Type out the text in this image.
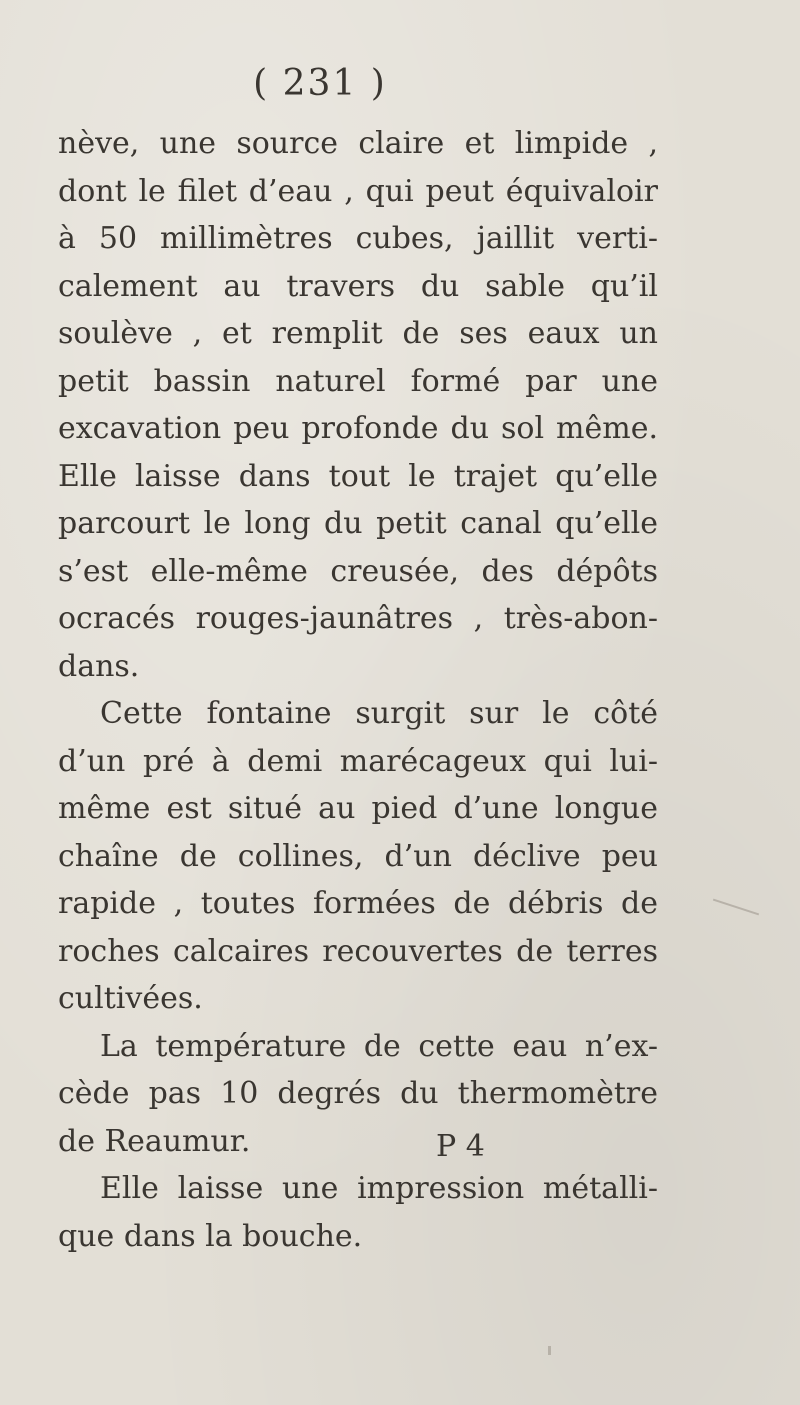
( 231 )
nève, une source claire et limpide ,
dont le filet d’eau , qui peut équivaloir
à 50 millimètres cubes, jaillit verti-
calement au travers du sable qu’il
soulève , et remplit de ses eaux un
petit bassin naturel formé par une
excavation peu profonde du sol même.
Elle laisse dans tout le trajet qu’elle
parcourt le long du petit canal qu’elle
s’est elle-même creusée, des dépôts
ocracés rouges-jaunâtres , très-abon-
dans.
Cette fontaine surgit sur le côté
d’un pré à demi marécageux qui lui-
même est situé au pied d’une longue
chaîne de collines, d’un déclive peu
rapide , toutes formées de débris de
roches calcaires recouvertes de terres
cultivées.
La température de cette eau n’ex-
cède pas 10 degrés du thermomètre
de Reaumur.
Elle laisse une impression métalli-
que dans la bouche.
P 4
